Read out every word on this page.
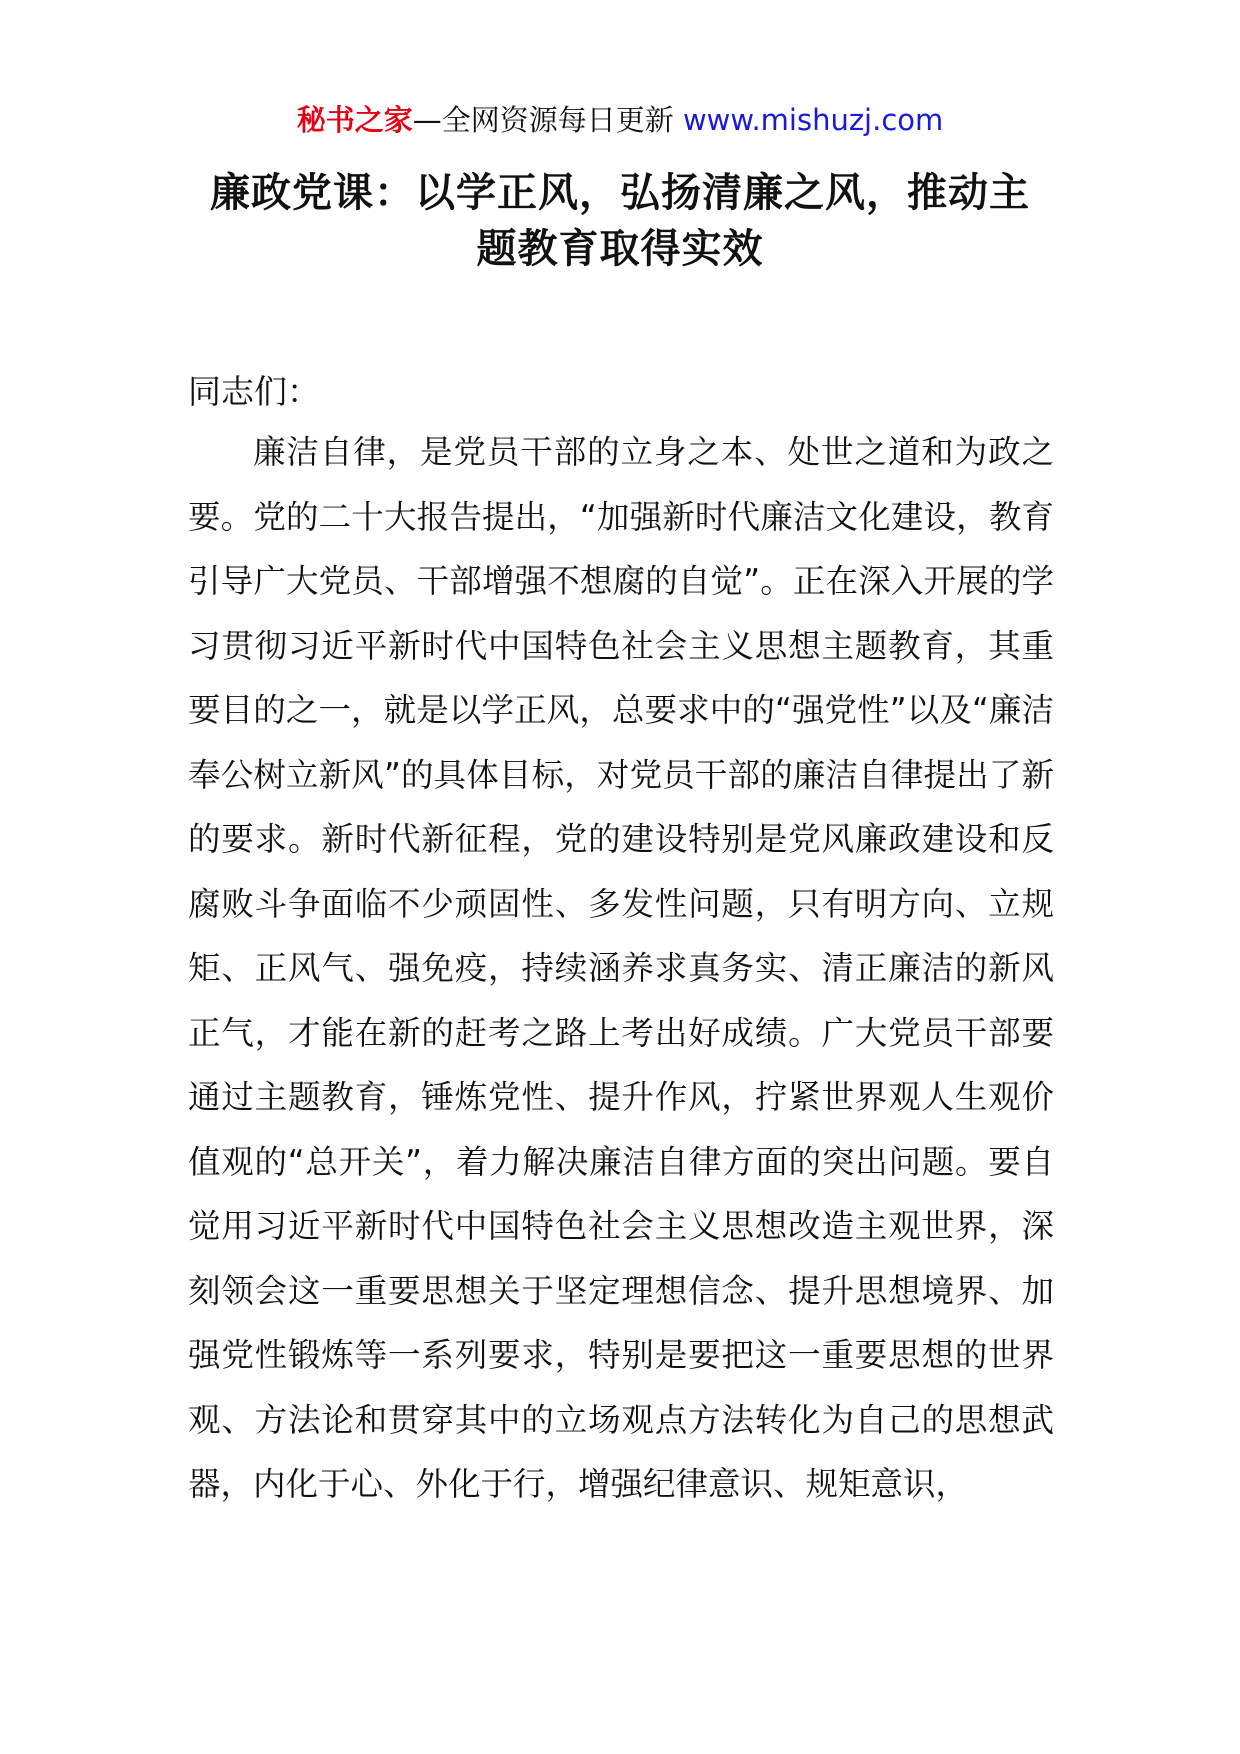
秘书之家—全网资源每日更新 www.mishuzj.com
廉政党课：以学正风，弘扬清廉之风，推动主题教育取得实效
同志们：

廉洁自律，是党员干部的立身之本、处世之道和为政之要。党的二十大报告提出，“加强新时代廉洁文化建设，教育引导广大党员、干部增强不想腐的自觉”。正在深入开展的学习贯彻习近平新时代中国特色社会主义思想主题教育，其重要目的之一，就是以学正风，总要求中的“强党性”以及“廉洁奉公树立新风”的具体目标，对党员干部的廉洁自律提出了新的要求。新时代新征程，党的建设特别是党风廉政建设和反腐败斗争面临不少顽固性、多发性问题，只有明方向、立规矩、正风气、强免疫，持续涵养求真务实、清正廉洁的新风正气，才能在新的赶考之路上考出好成绩。广大党员干部要通过主题教育，锤炼党性、提升作风，拧紧世界观人生观价值观的“总开关”，着力解决廉洁自律方面的突出问题。要自觉用习近平新时代中国特色社会主义思想改造主观世界，深刻领会这一重要思想关于坚定理想信念、提升思想境界、加强党性锻炼等一系列要求，特别是要把这一重要思想的世界观、方法论和贯穿其中的立场观点方法转化为自己的思想武器，内化于心、外化于行，增强纪律意识、规矩意识，
